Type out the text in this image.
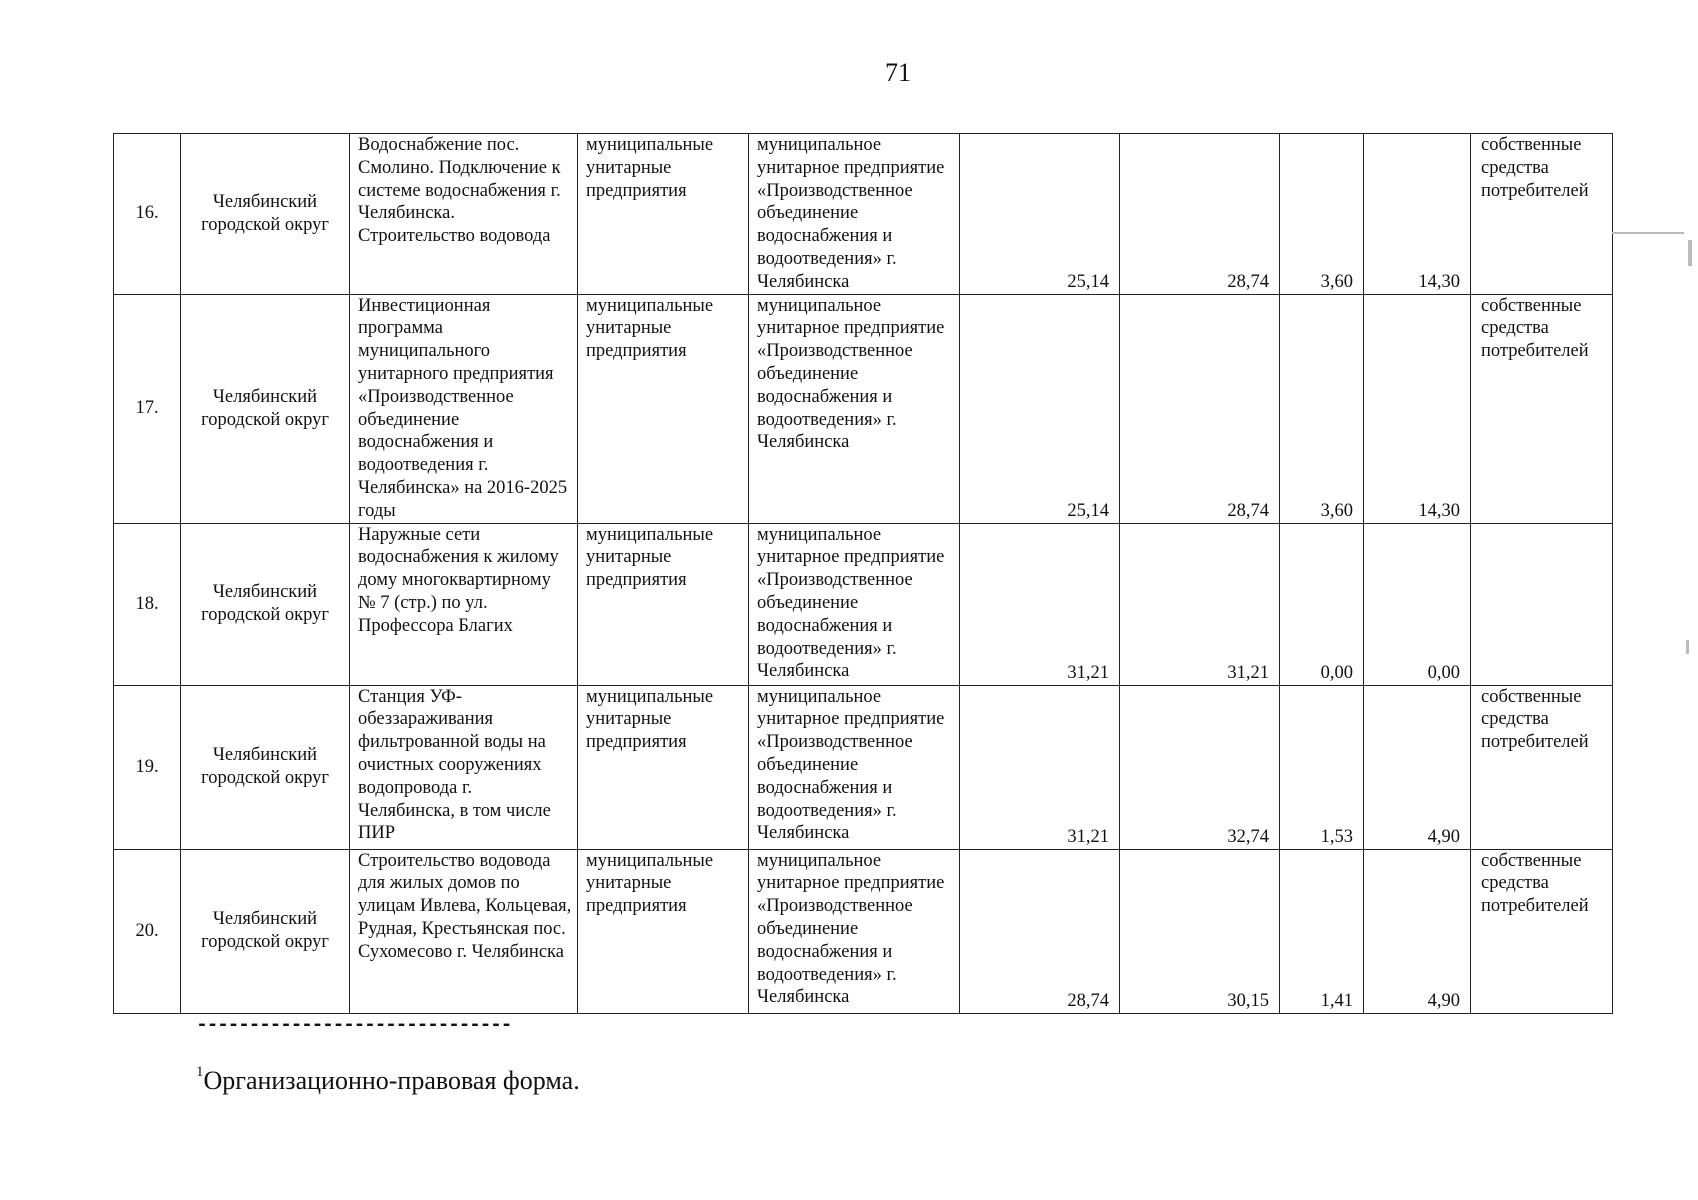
71
16.	Челябинский городской округ	Водоснабжение пос. Смолино. Подключение к системе водоснабжения г. Челябинска. Строительство водовода	муниципальные унитарные предприятия	муниципальное унитарное предприятие «Производственное объединение водоснабжения и водоотведения» г. Челябинска	25,14	28,74	3,60	14,30	собственные средства потребителей

17.	Челябинский городской округ	Инвестиционная программа муниципального унитарного предприятия «Производственное объединение водоснабжения и водоотведения г. Челябинска» на 2016-2025 годы	муниципальные унитарные предприятия	муниципальное унитарное предприятие «Производственное объединение водоснабжения и водоотведения» г. Челябинска	25,14	28,74	3,60	14,30	собственные средства потребителей

18.	Челябинский городской округ	Наружные сети водоснабжения к жилому дому многоквартирному № 7 (стр.) по ул. Профессора Благих	муниципальные унитарные предприятия	муниципальное унитарное предприятие «Производственное объединение водоснабжения и водоотведения» г. Челябинска	31,21	31,21	0,00	0,00	

19.	Челябинский городской округ	Станция УФ-обеззараживания фильтрованной воды на очистных сооружениях водопровода г. Челябинска, в том числе ПИР	муниципальные унитарные предприятия	муниципальное унитарное предприятие «Производственное объединение водоснабжения и водоотведения» г. Челябинска	31,21	32,74	1,53	4,90	собственные средства потребителей

20.	Челябинский городской округ	Строительство водовода для жилых домов по улицам Ивлева, Кольцевая, Рудная, Крестьянская пос. Сухомесово г. Челябинска	муниципальные унитарные предприятия	муниципальное унитарное предприятие «Производственное объединение водоснабжения и водоотведения» г. Челябинска	28,74	30,15	1,41	4,90	собственные средства потребителей
------------------------------
$^1$Организационно-правовая форма.
